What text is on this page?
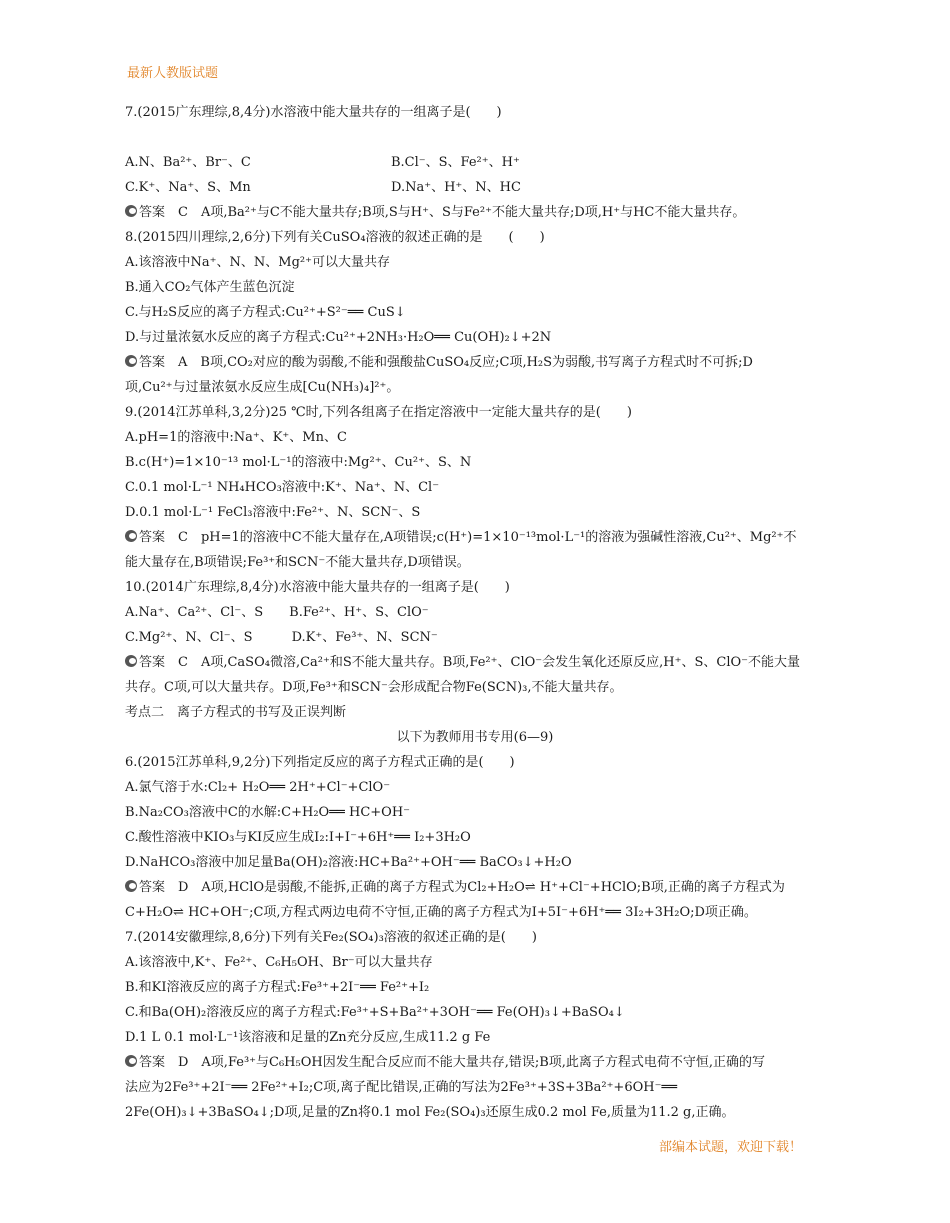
最新人教版试题
7.(2015广东理综,8,4分)水溶液中能大量共存的一组离子是(　　)
A.N、Ba²⁺、Br⁻、C	B.Cl⁻、S、Fe²⁺、H⁺
C.K⁺、Na⁺、S、Mn	D.Na⁺、H⁺、N、HC
答案　C　A项,Ba²⁺与C不能大量共存;B项,S与H⁺、S与Fe²⁺不能大量共存;D项,H⁺与HC不能大量共存。
8.(2015四川理综,2,6分)下列有关CuSO₄溶液的叙述正确的是　　(　　)
A.该溶液中Na⁺、N、N、Mg²⁺可以大量共存
B.通入CO₂气体产生蓝色沉淀
C.与H₂S反应的离子方程式:Cu²⁺+S²⁻══ CuS↓
D.与过量浓氨水反应的离子方程式:Cu²⁺+2NH₃·H₂O══ Cu(OH)₂↓+2N
答案　A　B项,CO₂对应的酸为弱酸,不能和强酸盐CuSO₄反应;C项,H₂S为弱酸,书写离子方程式时不可拆;D
项,Cu²⁺与过量浓氨水反应生成[Cu(NH₃)₄]²⁺。
9.(2014江苏单科,3,2分)25 ℃时,下列各组离子在指定溶液中一定能大量共存的是(　　)
A.pH=1的溶液中:Na⁺、K⁺、Mn、C
B.c(H⁺)=1×10⁻¹³ mol·L⁻¹的溶液中:Mg²⁺、Cu²⁺、S、N
C.0.1 mol·L⁻¹ NH₄HCO₃溶液中:K⁺、Na⁺、N、Cl⁻
D.0.1 mol·L⁻¹ FeCl₃溶液中:Fe²⁺、N、SCN⁻、S
答案　C　pH=1的溶液中C不能大量存在,A项错误;c(H⁺)=1×10⁻¹³mol·L⁻¹的溶液为强碱性溶液,Cu²⁺、Mg²⁺不
能大量存在,B项错误;Fe³⁺和SCN⁻不能大量共存,D项错误。
10.(2014广东理综,8,4分)水溶液中能大量共存的一组离子是(　　)
A.Na⁺、Ca²⁺、Cl⁻、S　　B.Fe²⁺、H⁺、S、ClO⁻
C.Mg²⁺、N、Cl⁻、S　　　D.K⁺、Fe³⁺、N、SCN⁻
答案　C　A项,CaSO₄微溶,Ca²⁺和S不能大量共存。B项,Fe²⁺、ClO⁻会发生氧化还原反应,H⁺、S、ClO⁻不能大量
共存。C项,可以大量共存。D项,Fe³⁺和SCN⁻会形成配合物Fe(SCN)₃,不能大量共存。
考点二　离子方程式的书写及正误判断
以下为教师用书专用(6—9)
6.(2015江苏单科,9,2分)下列指定反应的离子方程式正确的是(　　)
A.氯气溶于水:Cl₂+ H₂O══ 2H⁺+Cl⁻+ClO⁻
B.Na₂CO₃溶液中C的水解:C+H₂O══ HC+OH⁻
C.酸性溶液中KIO₃与KI反应生成I₂:I+I⁻+6H⁺══ I₂+3H₂O
D.NaHCO₃溶液中加足量Ba(OH)₂溶液:HC+Ba²⁺+OH⁻══ BaCO₃↓+H₂O
答案　D　A项,HClO是弱酸,不能拆,正确的离子方程式为Cl₂+H₂O⇌ H⁺+Cl⁻+HClO;B项,正确的离子方程式为
C+H₂O⇌ HC+OH⁻;C项,方程式两边电荷不守恒,正确的离子方程式为I+5I⁻+6H⁺══ 3I₂+3H₂O;D项正确。
7.(2014安徽理综,8,6分)下列有关Fe₂(SO₄)₃溶液的叙述正确的是(　　)
A.该溶液中,K⁺、Fe²⁺、C₆H₅OH、Br⁻可以大量共存
B.和KI溶液反应的离子方程式:Fe³⁺+2I⁻══ Fe²⁺+I₂
C.和Ba(OH)₂溶液反应的离子方程式:Fe³⁺+S+Ba²⁺+3OH⁻══ Fe(OH)₃↓+BaSO₄↓
D.1 L 0.1 mol·L⁻¹该溶液和足量的Zn充分反应,生成11.2 g Fe
答案　D　A项,Fe³⁺与C₆H₅OH因发生配合反应而不能大量共存,错误;B项,此离子方程式电荷不守恒,正确的写
法应为2Fe³⁺+2I⁻══ 2Fe²⁺+I₂;C项,离子配比错误,正确的写法为2Fe³⁺+3S+3Ba²⁺+6OH⁻══
2Fe(OH)₃↓+3BaSO₄↓;D项,足量的Zn将0.1 mol Fe₂(SO₄)₃还原生成0.2 mol Fe,质量为11.2 g,正确。
部编本试题，欢迎下载！
